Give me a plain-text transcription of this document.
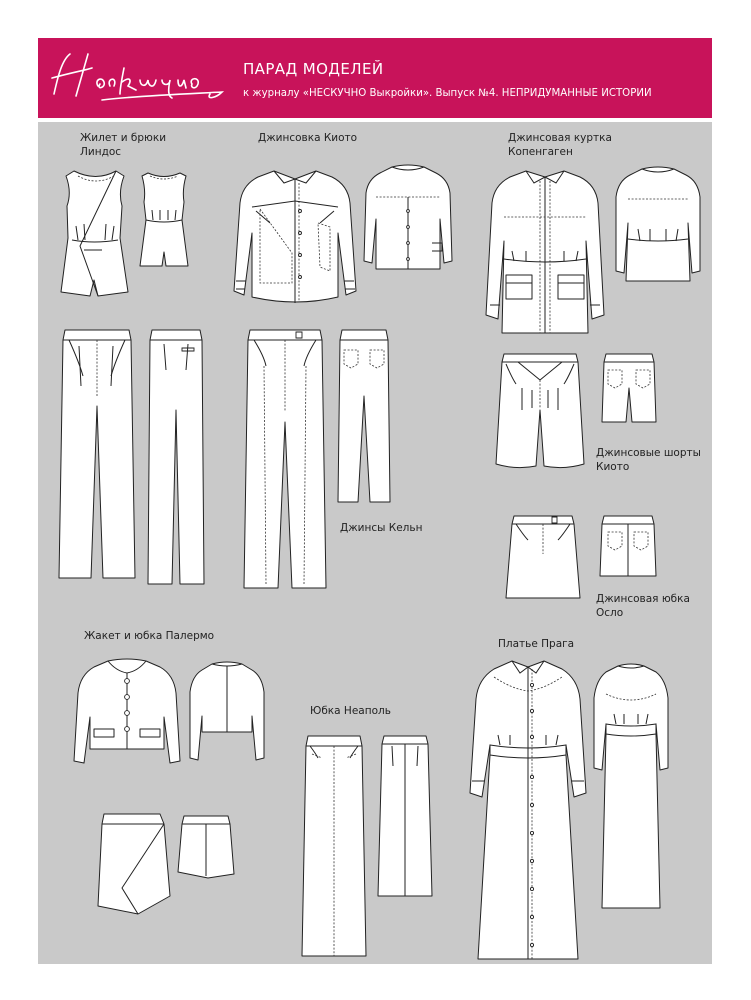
ПАРАД МОДЕЛЕЙ
к журналу «НЕСКУЧНО Выкройки». Выпуск №4. НЕПРИДУМАННЫЕ ИСТОРИИ
Жилет и брюки
Линдос
Джинсовка Киото	Джинсовая куртка
Копенгаген
Джинсовые шорты
Киото
Джинсы Кельн
Джинсовая юбка
Осло
Жакет и юбка Палермо
Юбка Неаполь
Платье Прага
